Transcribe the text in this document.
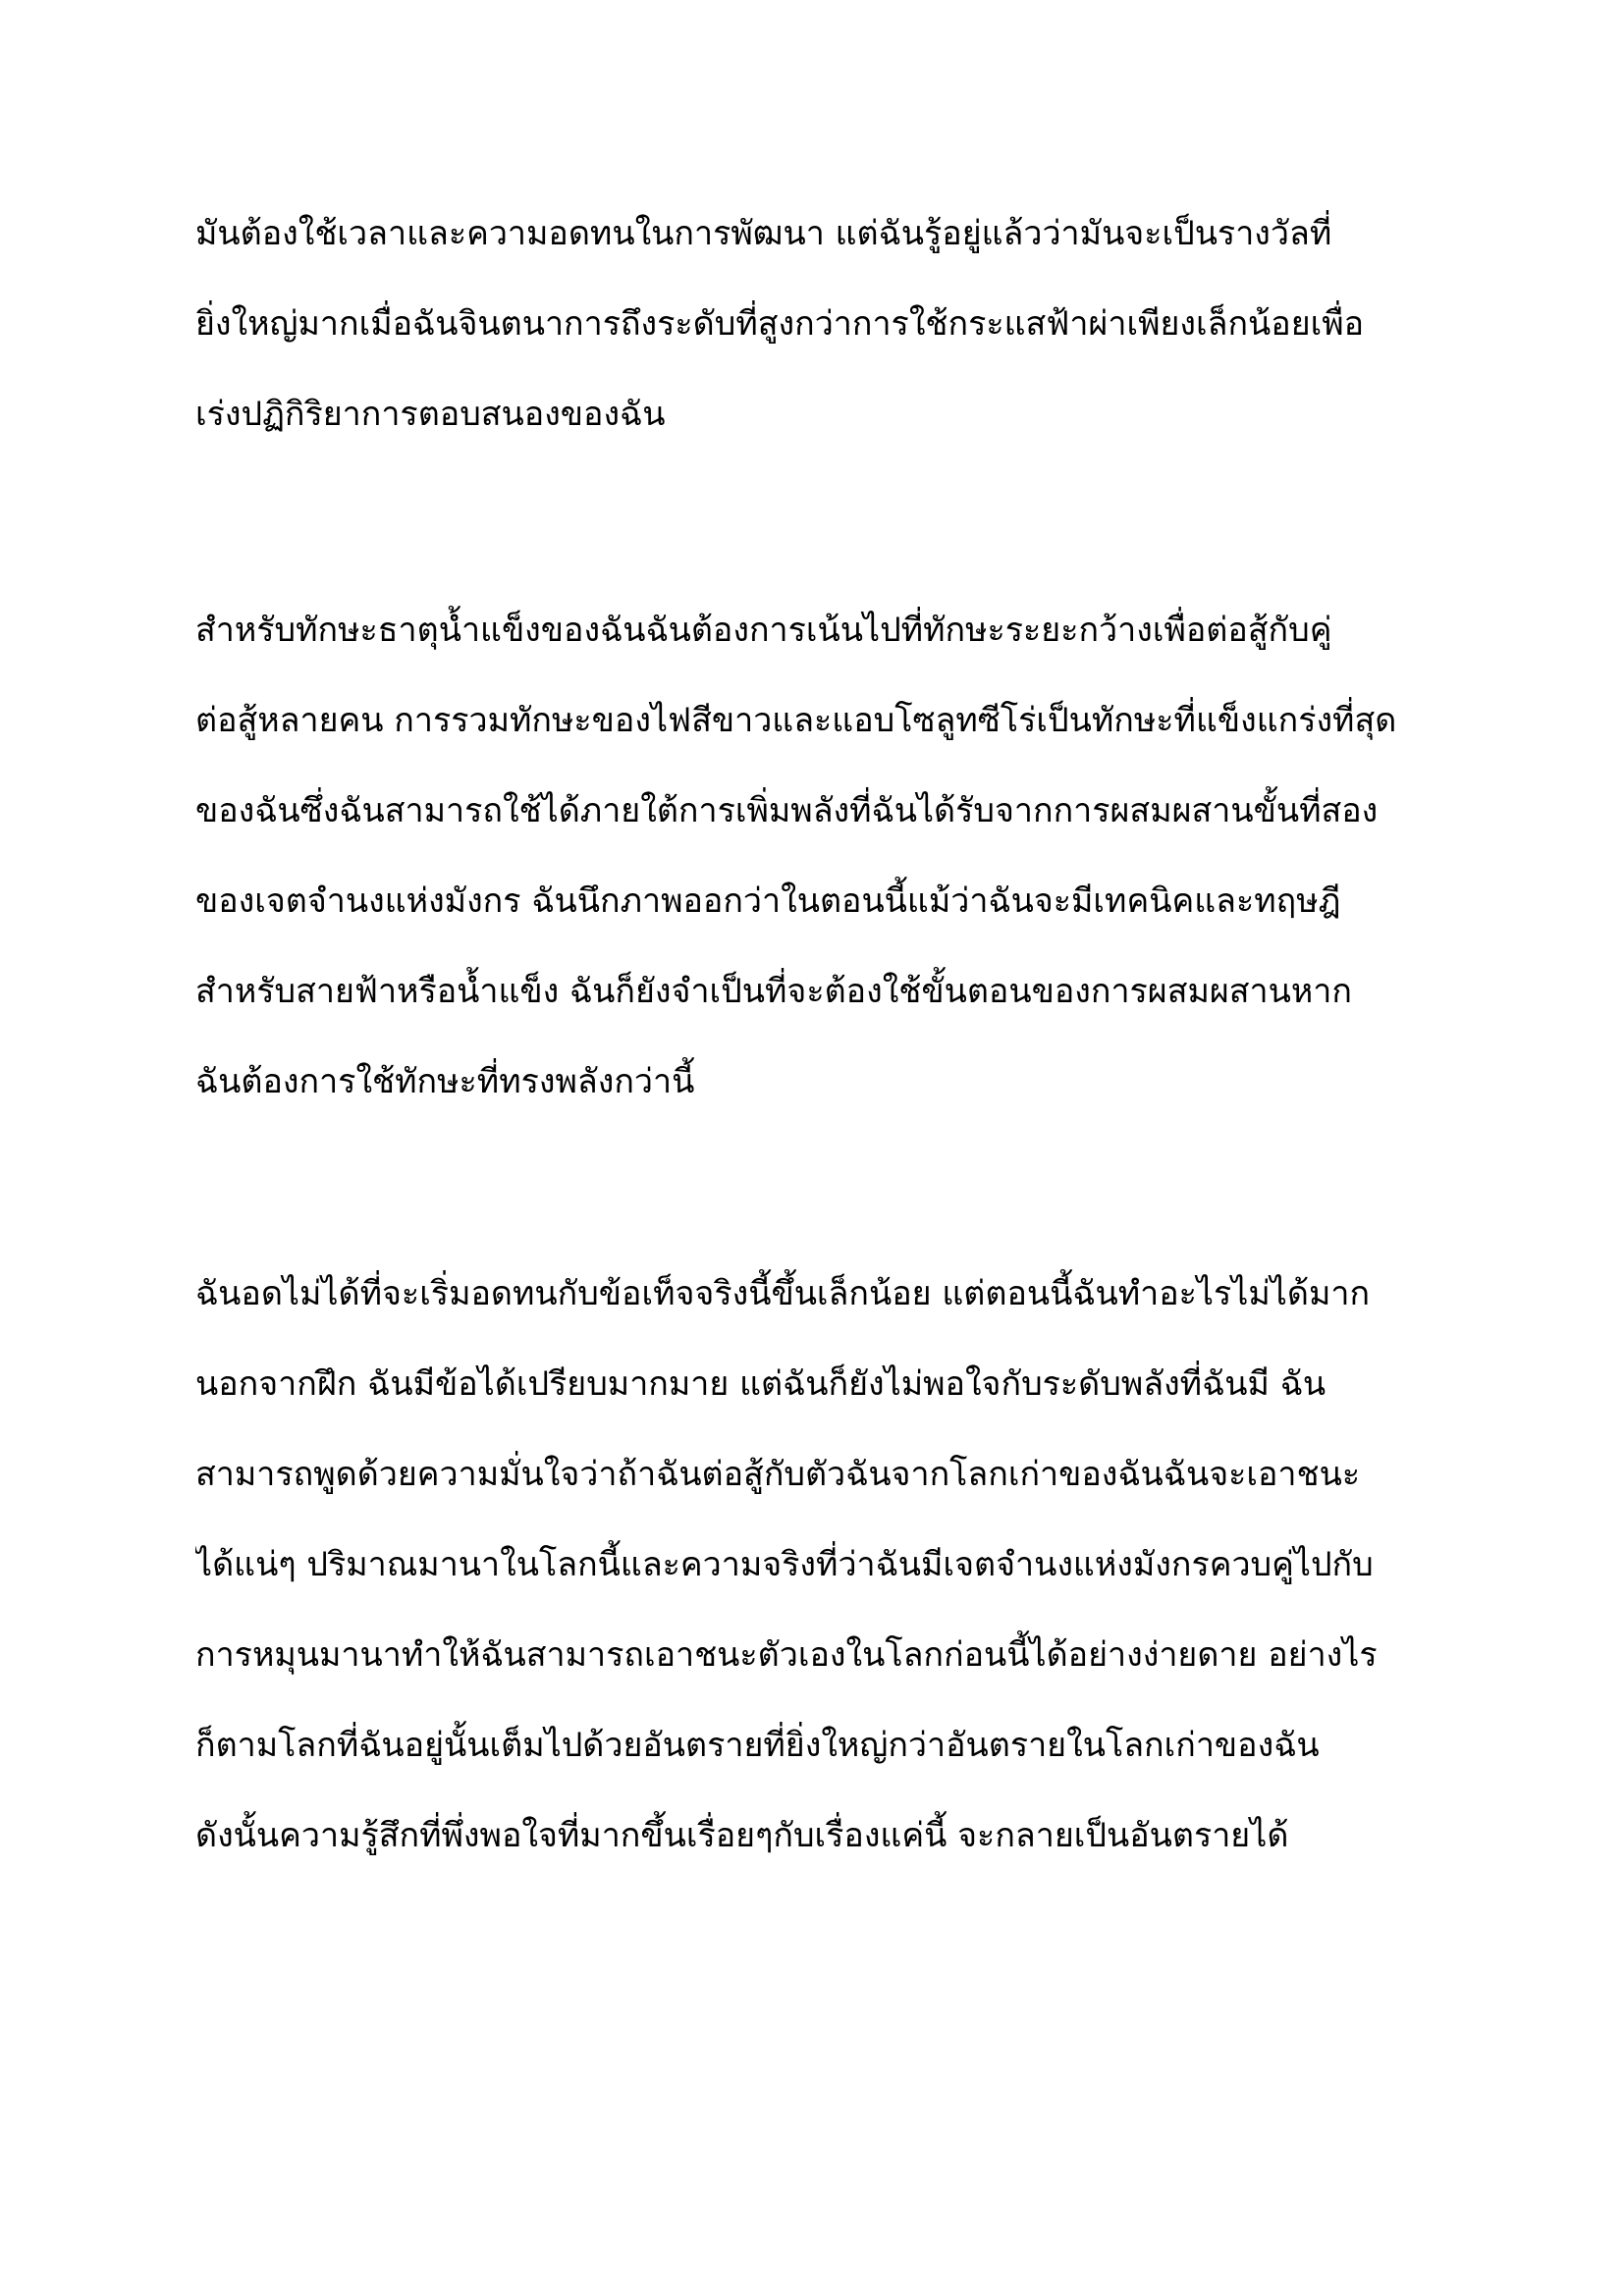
มันต้องใช้เวลาและความอดทนในการพัฒนา แต่ฉันรู้อยู่แล้วว่ามันจะเป็นรางวัลที่
ยิ่งใหญ่มากเมื่อฉันจินตนาการถึงระดับที่สูงกว่าการใช้กระแสฟ้าผ่าเพียงเล็กน้อยเพื่อ
เร่งปฏิกิริยาการตอบสนองของฉัน
สำหรับทักษะธาตุน้ำแข็งของฉันฉันต้องการเน้นไปที่ทักษะระยะกว้างเพื่อต่อสู้กับคู่
ต่อสู้หลายคน การรวมทักษะของไฟสีขาวและแอบโซลูทซีโร่เป็นทักษะที่แข็งแกร่งที่สุด
ของฉันซึ่งฉันสามารถใช้ได้ภายใต้การเพิ่มพลังที่ฉันได้รับจากการผสมผสานขั้นที่สอง
ของเจตจำนงแห่งมังกร ฉันนึกภาพออกว่าในตอนนี้แม้ว่าฉันจะมีเทคนิคและทฤษฎี
สำหรับสายฟ้าหรือน้ำแข็ง ฉันก็ยังจำเป็นที่จะต้องใช้ขั้นตอนของการผสมผสานหาก
ฉันต้องการใช้ทักษะที่ทรงพลังกว่านี้
ฉันอดไม่ได้ที่จะเริ่มอดทนกับข้อเท็จจริงนี้ขึ้นเล็กน้อย แต่ตอนนี้ฉันทำอะไรไม่ได้มาก
นอกจากฝึก ฉันมีข้อได้เปรียบมากมาย แต่ฉันก็ยังไม่พอใจกับระดับพลังที่ฉันมี ฉัน
สามารถพูดด้วยความมั่นใจว่าถ้าฉันต่อสู้กับตัวฉันจากโลกเก่าของฉันฉันจะเอาชนะ
ได้แน่ๆ ปริมาณมานาในโลกนี้และความจริงที่ว่าฉันมีเจตจำนงแห่งมังกรควบคู่ไปกับ
การหมุนมานาทำให้ฉันสามารถเอาชนะตัวเองในโลกก่อนนี้ได้อย่างง่ายดาย อย่างไร
ก็ตามโลกที่ฉันอยู่นั้นเต็มไปด้วยอันตรายที่ยิ่งใหญ่กว่าอันตรายในโลกเก่าของฉัน
ดังนั้นความรู้สึกที่พึ่งพอใจที่มากขึ้นเรื่อยๆกับเรื่องแค่นี้ จะกลายเป็นอันตรายได้
